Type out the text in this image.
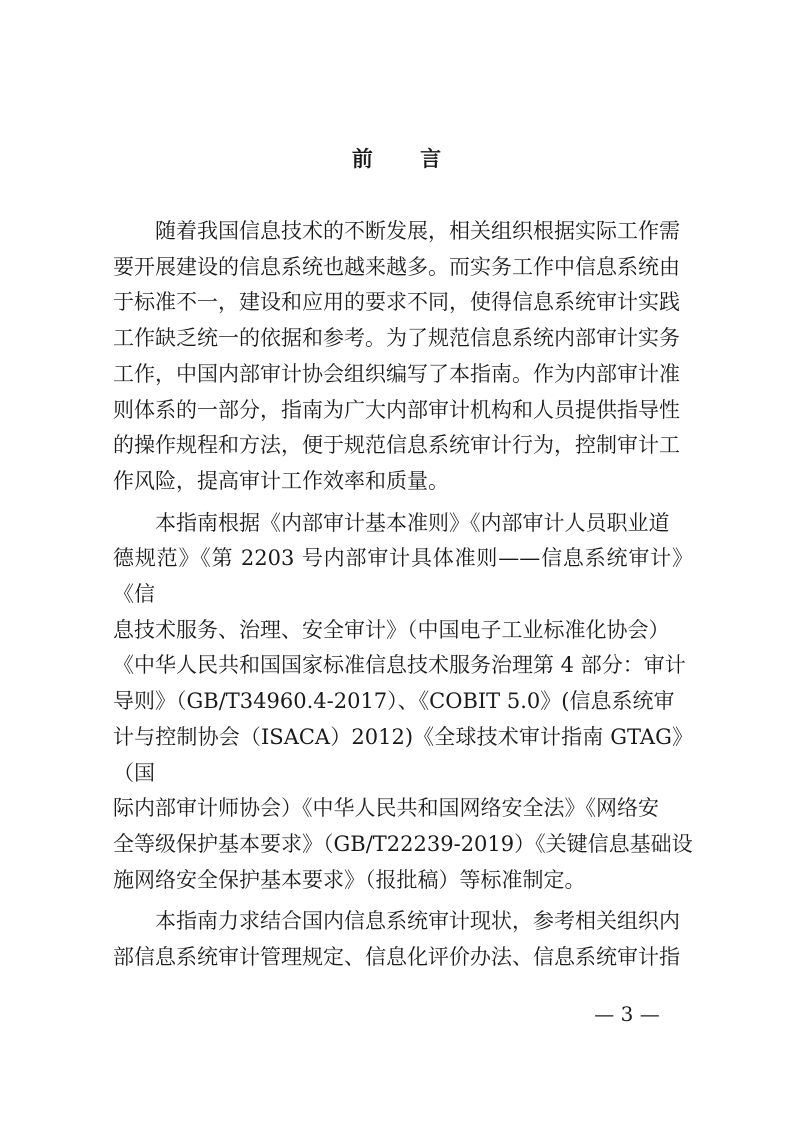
前 言

随着我国信息技术的不断发展，相关组织根据实际工作需
要开展建设的信息系统也越来越多。而实务工作中信息系统由
于标准不一，建设和应用的要求不同，使得信息系统审计实践
工作缺乏统一的依据和参考。为了规范信息系统内部审计实务
工作，中国内部审计协会组织编写了本指南。作为内部审计准
则体系的一部分，指南为广大内部审计机构和人员提供指导性
的操作规程和方法，便于规范信息系统审计行为，控制审计工
作风险，提高审计工作效率和质量。

本指南根据《内部审计基本准则》《内部审计人员职业道
德规范》《第 2203 号内部审计具体准则——信息系统审计》《信
息技术服务、治理、安全审计》（中国电子工业标准化协会）
《中华人民共和国国家标准信息技术服务治理第 4 部分：审计
导则》（GB/T34960.4-2017）、《COBIT 5.0》(信息系统审
计与控制协会（ISACA）2012)《全球技术审计指南 GTAG》（国
际内部审计师协会）《中华人民共和国网络安全法》《网络安
全等级保护基本要求》（GB/T22239-2019）《关键信息基础设
施网络安全保护基本要求》（报批稿）等标准制定。

本指南力求结合国内信息系统审计现状，参考相关组织内
部信息系统审计管理规定、信息化评价办法、信息系统审计指

— 3 —
